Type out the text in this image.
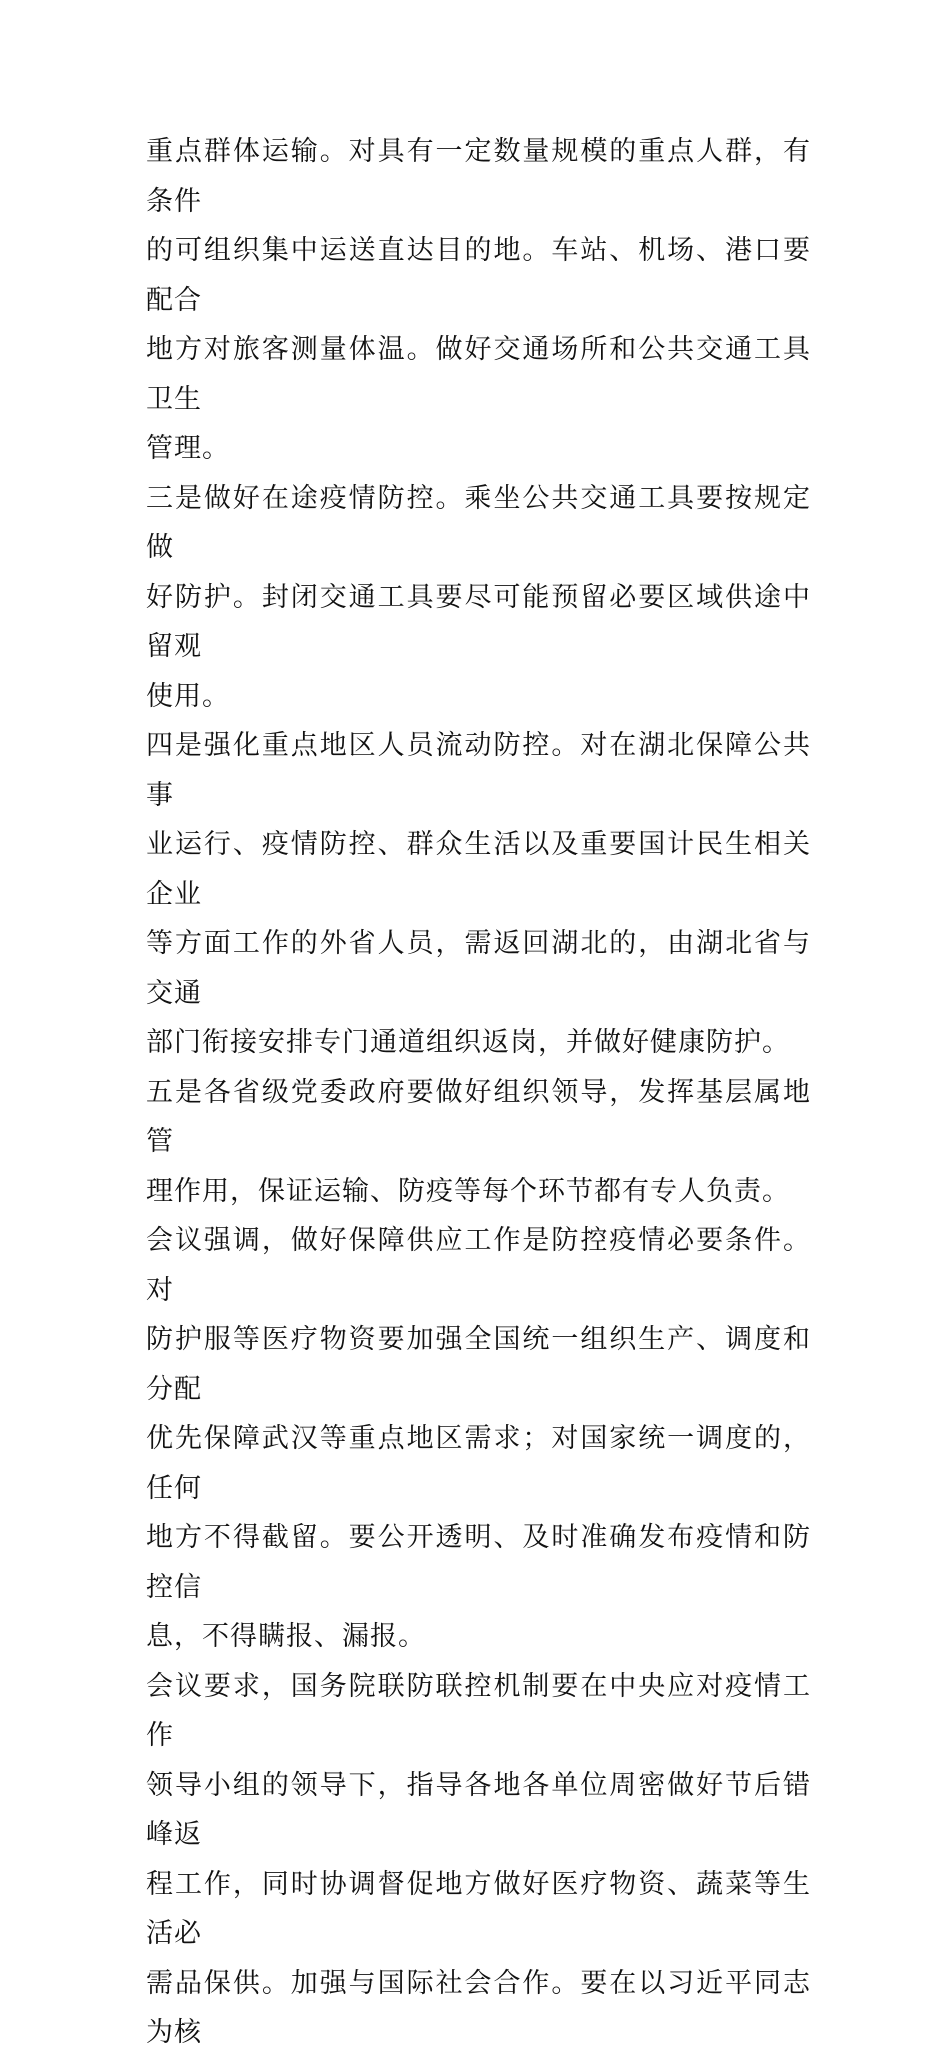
重点群体运输。对具有一定数量规模的重点人群，有条件
的可组织集中运送直达目的地。车站、机场、港口要配合
地方对旅客测量体温。做好交通场所和公共交通工具卫生
管理。

三是做好在途疫情防控。乘坐公共交通工具要按规定做
好防护。封闭交通工具要尽可能预留必要区域供途中留观
使用。

四是强化重点地区人员流动防控。对在湖北保障公共事
业运行、疫情防控、群众生活以及重要国计民生相关企业
等方面工作的外省人员，需返回湖北的，由湖北省与交通
部门衔接安排专门通道组织返岗，并做好健康防护。

五是各省级党委政府要做好组织领导，发挥基层属地管
理作用，保证运输、防疫等每个环节都有专人负责。

会议强调，做好保障供应工作是防控疫情必要条件。对
防护服等医疗物资要加强全国统一组织生产、调度和分配
优先保障武汉等重点地区需求；对国家统一调度的，任何
地方不得截留。要公开透明、及时准确发布疫情和防控信
息，不得瞒报、漏报。

会议要求，国务院联防联控机制要在中央应对疫情工作
领导小组的领导下，指导各地各单位周密做好节后错峰返
程工作，同时协调督促地方做好医疗物资、蔬菜等生活必
需品保供。加强与国际社会合作。要在以习近平同志为核
